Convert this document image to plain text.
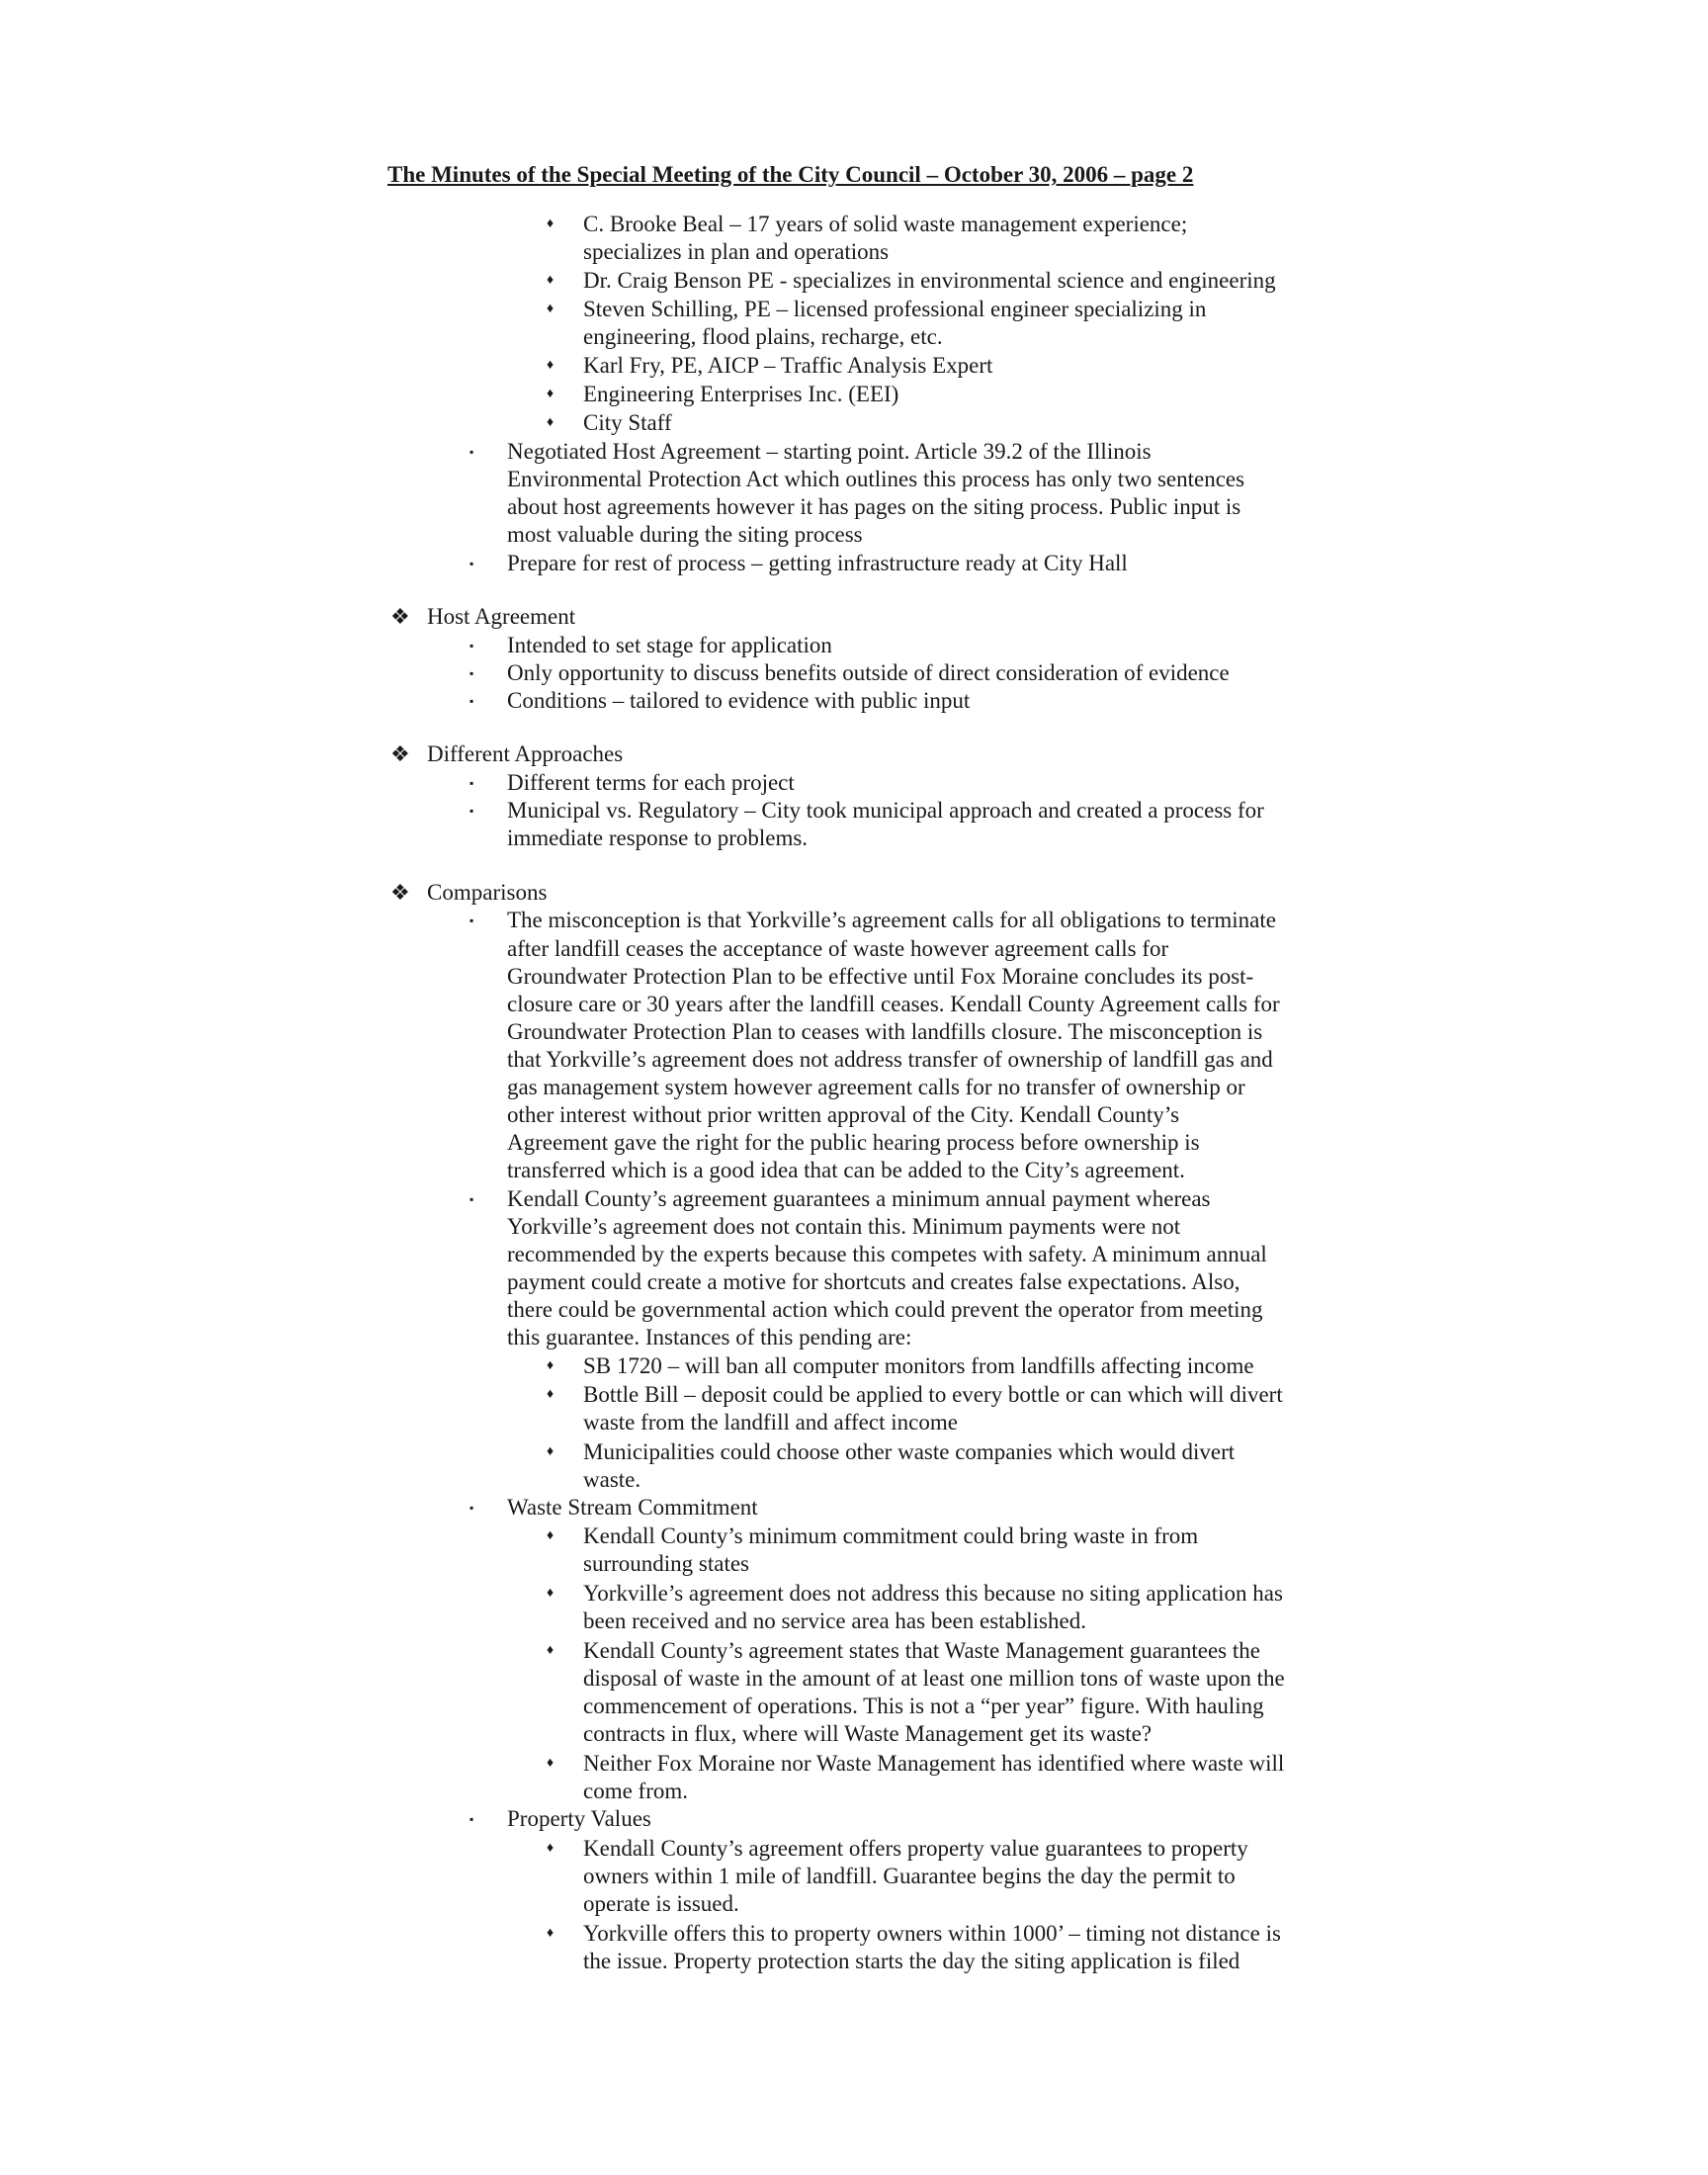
The Minutes of the Special Meeting of the City Council – October 30, 2006 – page 2
♦ C. Brooke Beal – 17 years of solid waste management experience;
specializes in plan and operations
♦ Dr. Craig Benson PE - specializes in environmental science and engineering
♦ Steven Schilling, PE – licensed professional engineer specializing in
engineering, flood plains, recharge, etc.
♦ Karl Fry, PE, AICP – Traffic Analysis Expert
♦ Engineering Enterprises Inc. (EEI)
♦ City Staff
▪ Negotiated Host Agreement – starting point. Article 39.2 of the Illinois
Environmental Protection Act which outlines this process has only two sentences
about host agreements however it has pages on the siting process. Public input is
most valuable during the siting process
▪ Prepare for rest of process – getting infrastructure ready at City Hall
❖ Host Agreement
▪ Intended to set stage for application
▪ Only opportunity to discuss benefits outside of direct consideration of evidence
▪ Conditions – tailored to evidence with public input
❖ Different Approaches
▪ Different terms for each project
▪ Municipal vs. Regulatory – City took municipal approach and created a process for
immediate response to problems.
❖ Comparisons
▪ The misconception is that Yorkville’s agreement calls for all obligations to terminate
after landfill ceases the acceptance of waste however agreement calls for
Groundwater Protection Plan to be effective until Fox Moraine concludes its post-
closure care or 30 years after the landfill ceases. Kendall County Agreement calls for
Groundwater Protection Plan to ceases with landfills closure. The misconception is
that Yorkville’s agreement does not address transfer of ownership of landfill gas and
gas management system however agreement calls for no transfer of ownership or
other interest without prior written approval of the City. Kendall County’s
Agreement gave the right for the public hearing process before ownership is
transferred which is a good idea that can be added to the City’s agreement.
▪ Kendall County’s agreement guarantees a minimum annual payment whereas
Yorkville’s agreement does not contain this. Minimum payments were not
recommended by the experts because this competes with safety. A minimum annual
payment could create a motive for shortcuts and creates false expectations. Also,
there could be governmental action which could prevent the operator from meeting
this guarantee. Instances of this pending are:
♦ SB 1720 – will ban all computer monitors from landfills affecting income
♦ Bottle Bill – deposit could be applied to every bottle or can which will divert
waste from the landfill and affect income
♦ Municipalities could choose other waste companies which would divert
waste.
▪ Waste Stream Commitment
♦ Kendall County’s minimum commitment could bring waste in from
surrounding states
♦ Yorkville’s agreement does not address this because no siting application has
been received and no service area has been established.
♦ Kendall County’s agreement states that Waste Management guarantees the
disposal of waste in the amount of at least one million tons of waste upon the
commencement of operations. This is not a “per year” figure. With hauling
contracts in flux, where will Waste Management get its waste?
♦ Neither Fox Moraine nor Waste Management has identified where waste will
come from.
▪ Property Values
♦ Kendall County’s agreement offers property value guarantees to property
owners within 1 mile of landfill. Guarantee begins the day the permit to
operate is issued.
♦ Yorkville offers this to property owners within 1000’ – timing not distance is
the issue. Property protection starts the day the siting application is filed
